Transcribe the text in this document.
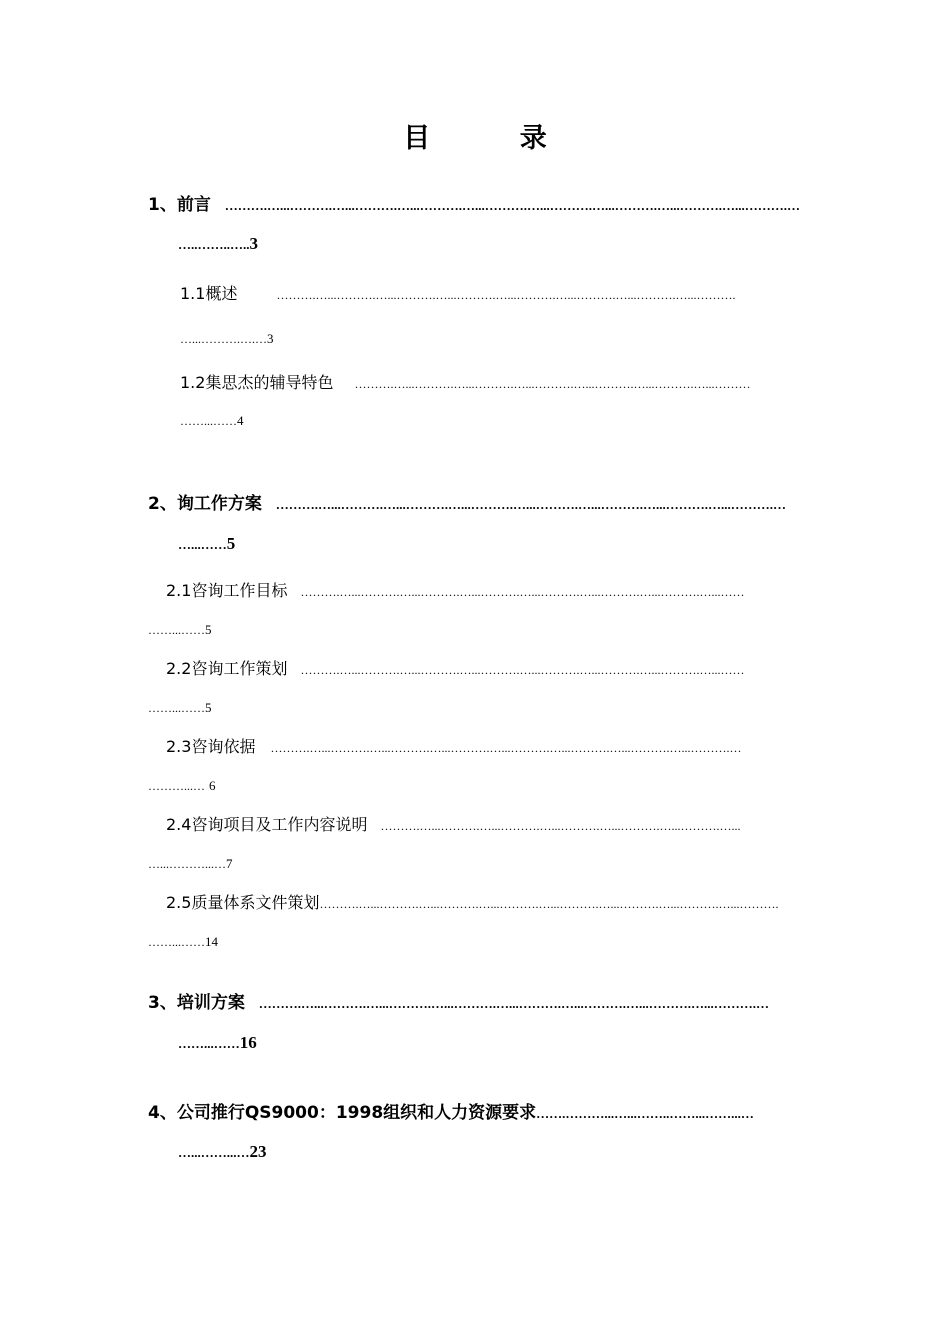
目 录
1、前言 ……….…...……….…...……….…...……….…...……….…...……….…...……….…...……….…...……….…
…..……..…..3
1.1概述	……….…...……….…...……….…...……….…...……….…...……….…...……….…...……….
…...……….….…3
1.2集思杰的辅导特色 ……….…...……….…...……….…...……….…...……….…...……….…...………
……...……4
2、询工作方案 ……….…...……….…...……….…...……….…...……….…...……….…...……….…...……….…
…...……5
2.1咨询工作目标 ……….…...……….…...……….…...……….…...……….…...……….…...……….…...……
……...……5
2.2咨询工作策划 ……….…...……….…...……….…...……….…...……….…...……….…...……….…...……
……...……5
2.3咨询依据 ……….…...……….…...……….…...……….…...……….…...……….…...……….…...……….…
………...… 6
2.4咨询项目及工作内容说明 ……….…...……….…...……….…...……….…...……….…...……….…...
…...………...…7
2.5质量体系文件策划……….…...……….…...……….…...……….…...……….…...……….…...……….…...……….
……...……14
3、培训方案 ……….…...……….…...……….…...……….…...……….…...……….…...……….…...……….…
……...……16
4、公司推行QS9000：1998组织和人力资源要求…….………...…...……..……...……...…
…...……...…23
